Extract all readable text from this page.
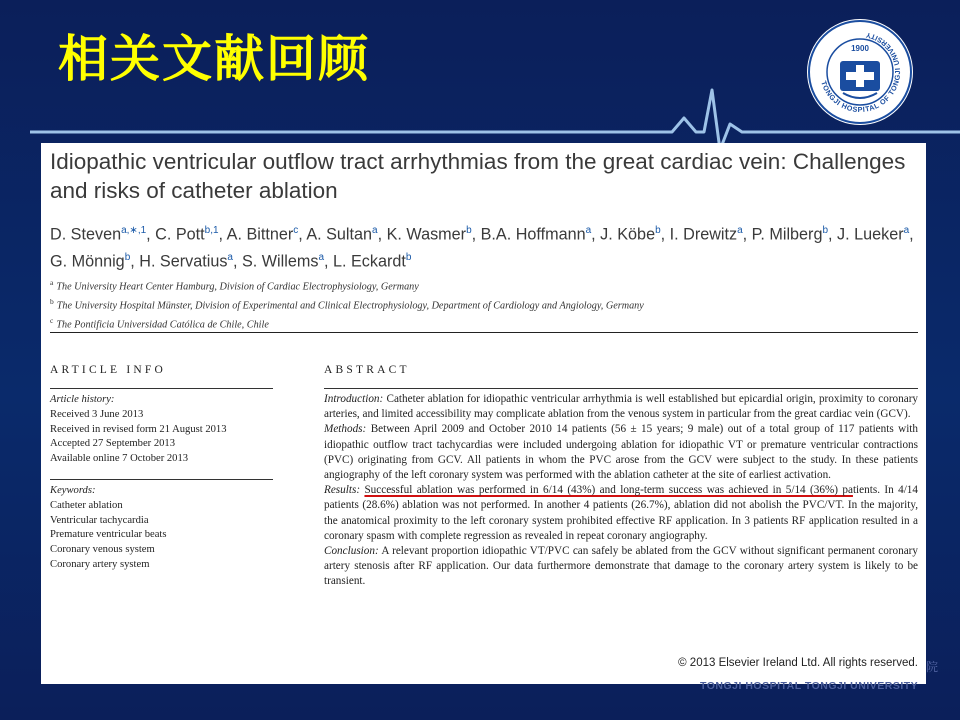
相关文献回顾	TONGJI HOSPITAL OF TONGJI UNIVERSITY
1900
Idiopathic ventricular outflow tract arrhythmias from the great cardiac vein: Challenges and risks of catheter ablation
D. Steven$^{a,∗,1}$, C. Pott$^{b,1}$, A. Bittner$^c$, A. Sultan$^a$, K. Wasmer$^b$, B.A. Hoffmann$^a$, J. Köbe$^b$, I. Drewitz$^a$, P. Milberg$^b$, J. Lueker$^a$, G. Mönnig$^b$, H. Servatius$^a$, S. Willems$^a$, L. Eckardt$^b$
$^a$ The University Heart Center Hamburg, Division of Cardiac Electrophysiology, Germany
$^b$ The University Hospital Münster, Division of Experimental and Clinical Electrophysiology, Department of Cardiology and Angiology, Germany
$^c$ The Pontificia Universidad Católica de Chile, Chile
ARTICLE INFO	ABSTRACT
Article history:
Received 3 June 2013
Received in revised form 21 August 2013
Accepted 27 September 2013
Available online 7 October 2013
Keywords:
Catheter ablation
Ventricular tachycardia
Premature ventricular beats
Coronary venous system
Coronary artery system

Introduction: Catheter ablation for idiopathic ventricular arrhythmia is well established but epicardial origin, proximity to coronary arteries, and limited accessibility may complicate ablation from the venous system in particular from the great cardiac vein (GCV).

Methods: Between April 2009 and October 2010 14 patients (56 ± 15 years; 9 male) out of a total group of 117 patients with idiopathic outflow tract tachycardias were included undergoing ablation for idiopathic VT or premature ventricular contractions (PVC) originating from GCV. All patients in whom the PVC arose from the GCV were subject to the study. In these patients angiography of the left coronary system was performed with the ablation catheter at the site of earliest activation.

Results: Successful ablation was performed in 6/14 (43%) and long-term success was achieved in 5/14 (36%) patients. In 4/14 patients (28.6%) ablation was not performed. In another 4 patients (26.7%), ablation did not abolish the PVC/VT. In the majority, the anatomical proximity to the left coronary system prohibited effective RF application. In 3 patients RF application resulted in a coronary spasm with complete regression as revealed in repeat coronary angiography.

Conclusion: A relevant proportion idiopathic VT/PVC can safely be ablated from the GCV without significant permanent coronary artery stenosis after RF application. Our data furthermore demonstrate that damage to the coronary artery system is likely to be transient.

© 2013 Elsevier Ireland Ltd. All rights reserved. 院
TONGJI HOSPITAL TONGJI UNIVERSITY
